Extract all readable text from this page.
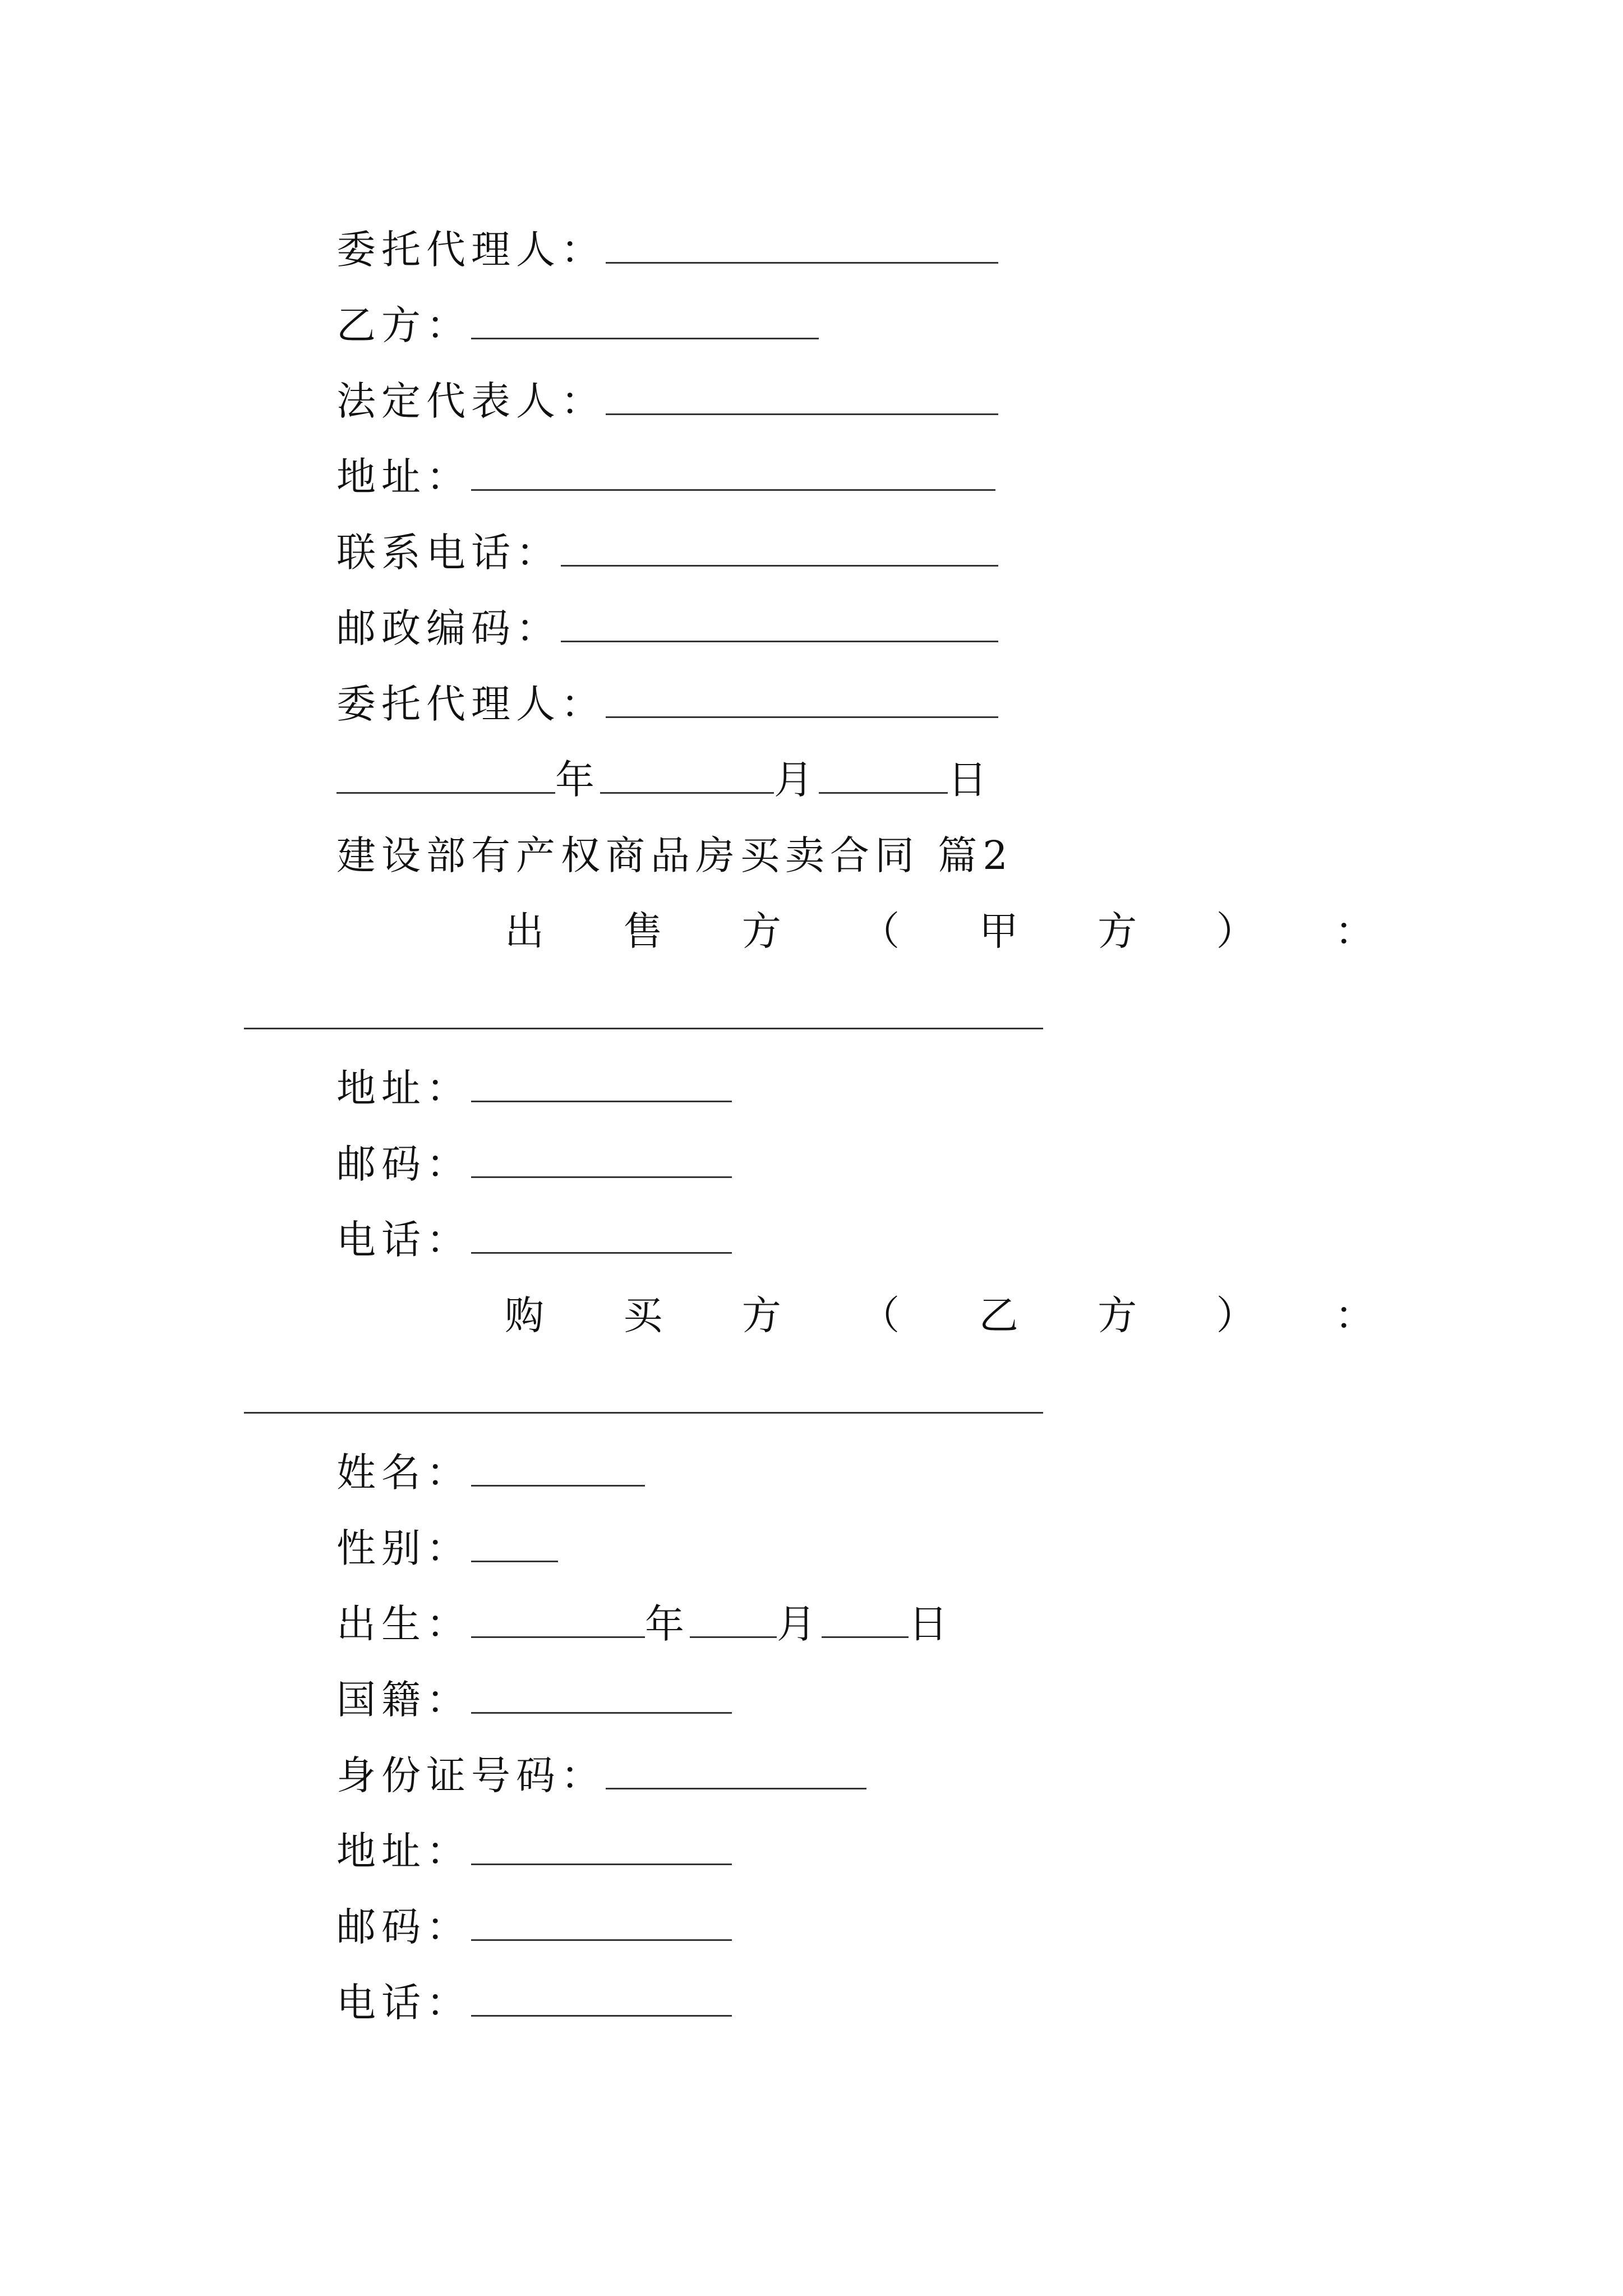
委托代理人：
乙方：
法定代表人：
地址：
联系电话：
邮政编码：
委托代理人：
年	月	日
建设部有产权商品房买卖合同 篇2
出 售 方 （ 甲 方 ） ：
地址：
邮码：
电话：
购 买 方 （ 乙 方 ） ：
姓名：
性别：
出生：	年 月 日
国籍：
身份证号码：
地址：
邮码：
电话：
